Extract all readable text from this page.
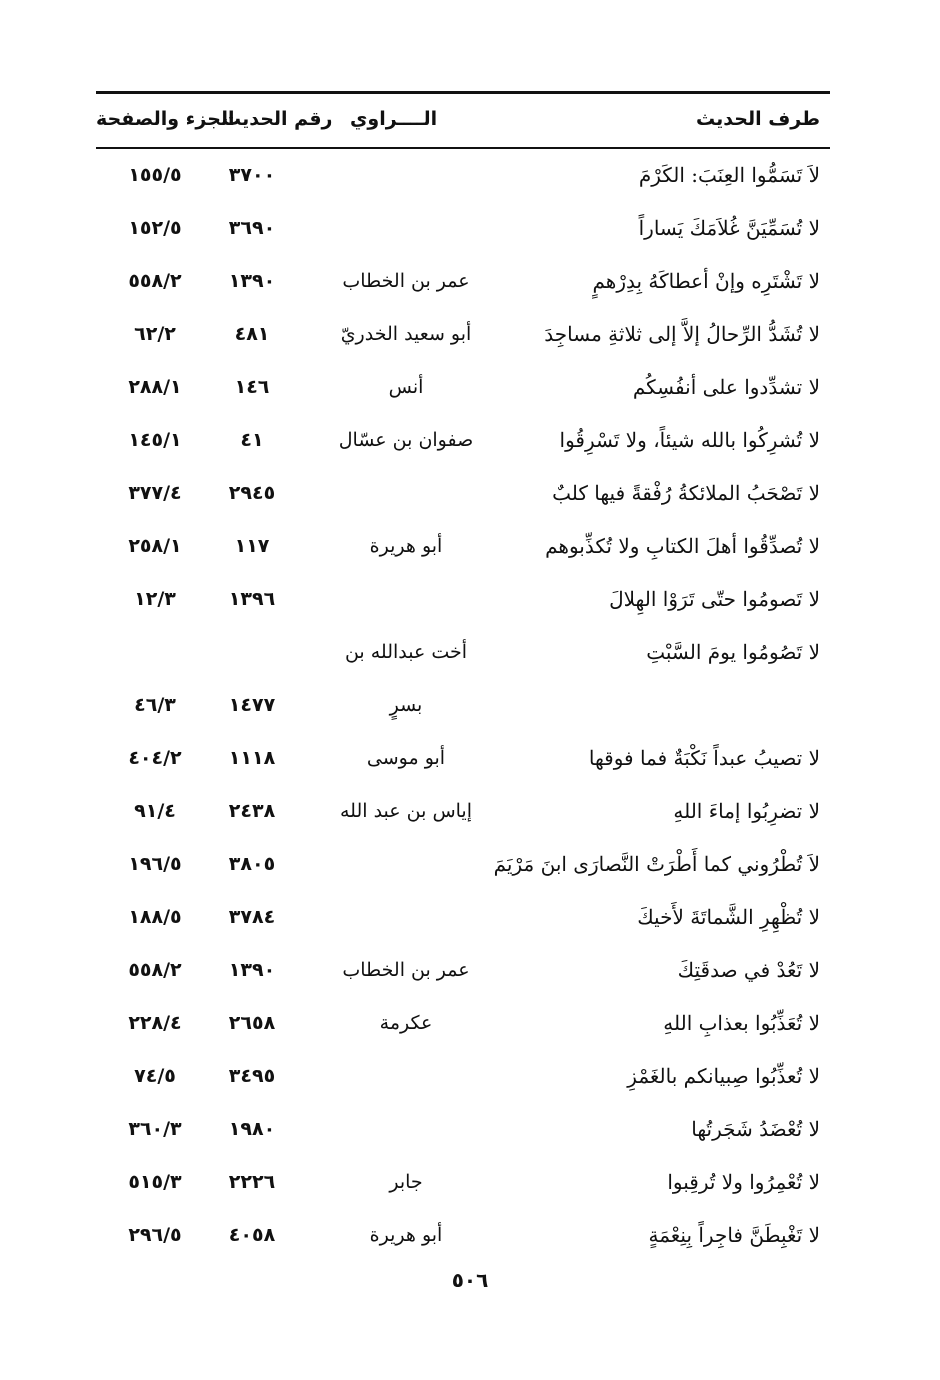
طرف الحديث
الــــراوي
رقم الحديث
الجزء والصفحة
لاَ تَسَمُّوا العِنَبَ: الكَرْمَ
٣٧٠٠
١٥٥/٥
لا تُسَمِّيَنَّ غُلاَمَكَ يَساراً
٣٦٩٠
١٥٢/٥
لا تَشْتَرِه وإنْ أعطاكَهُ بِدِرْهمٍ
عمر بن الخطاب
١٣٩٠
٥٥٨/٢
لا تُشَدُّ الرِّحالُ إلاَّ إلى ثلاثةِ مساجِدَ
أبو سعيد الخدريّ
٤٨١
٦٢/٢
لا تشدِّدوا على أنفُسِكُم
أنس
١٤٦
٢٨٨/١
لا تُشرِكُوا بالله شيئاً، ولا تَسْرِقُوا
صفوان بن عسّال
٤١
١٤٥/١
لا تَصْحَبُ الملائكةُ رُفْقةً فيها كلبٌ
٢٩٤٥
٣٧٧/٤
لا تُصدِّقُوا أهلَ الكتابِ ولا تُكذِّبوهم
أبو هريرة
١١٧
٢٥٨/١
لا تَصومُوا حتّى تَرَوْا الهِلالَ
١٣٩٦
١٢/٣
لا تَصُومُوا يومَ السَّبْتِ
أخت عبدالله بن
بسرٍ
١٤٧٧
٤٦/٣
لا تصيبُ عبداً نَكْبَةٌ فما فوقها
أبو موسى
١١١٨
٤٠٤/٢
لا تضرِبُوا إماءَ اللهِ
إياس بن عبد الله
٢٤٣٨
٩١/٤
لاَ تُطْرُوني كما أَطْرَتْ النَّصارَى ابنَ مَرْيَمَ
٣٨٠٥
١٩٦/٥
لا تُظْهِرِ الشَّماتَةَ لأَخيكَ
٣٧٨٤
١٨٨/٥
لا تَعُدْ في صدقَتِكَ
عمر بن الخطاب
١٣٩٠
٥٥٨/٢
لا تُعَذِّبُوا بعذابِ اللهِ
عكرمة
٢٦٥٨
٢٢٨/٤
لا تُعذِّبُوا صِبيانكم بالغَمْزِ
٣٤٩٥
٧٤/٥
لا تُعْضَدُ شَجَرتُها
١٩٨٠
٣٦٠/٣
لا تُعْمِرُوا ولا تُرقِبوا
جابر
٢٢٢٦
٥١٥/٣
لا تَغْبِطَنَّ فاجِراً بِنِعْمَةٍ
أبو هريرة
٤٠٥٨
٢٩٦/٥
٥٠٦
